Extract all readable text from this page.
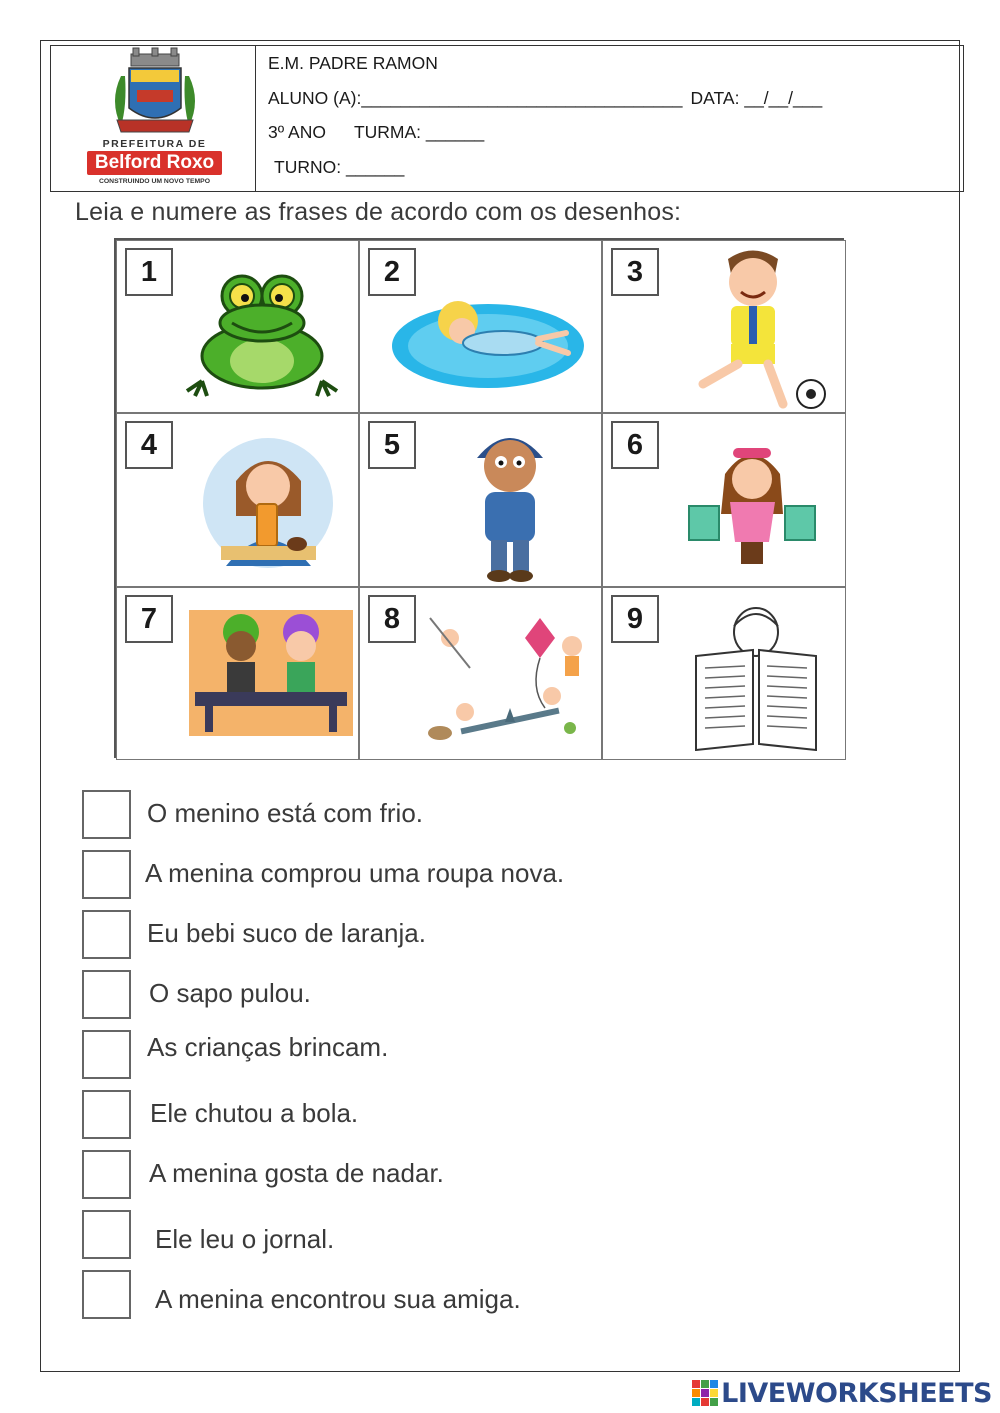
PREFEITURA DE
Belford Roxo
CONSTRUINDO UM NOVO TEMPO
E.M. PADRE RAMON
ALUNO (A):_________________________________ DATA: __/__/___
3º ANO TURMA: ______
TURNO: ______
Leia e numere as frases de acordo com os desenhos:
1	2	3
4	5	6
7	8	9
O menino está com frio.
A menina comprou uma roupa nova.
Eu bebi suco de laranja.
O sapo pulou.
As crianças brincam.
Ele chutou a bola.
A menina gosta de nadar.
Ele leu o jornal.
A menina encontrou sua amiga.
LIVEWORKSHEETS
